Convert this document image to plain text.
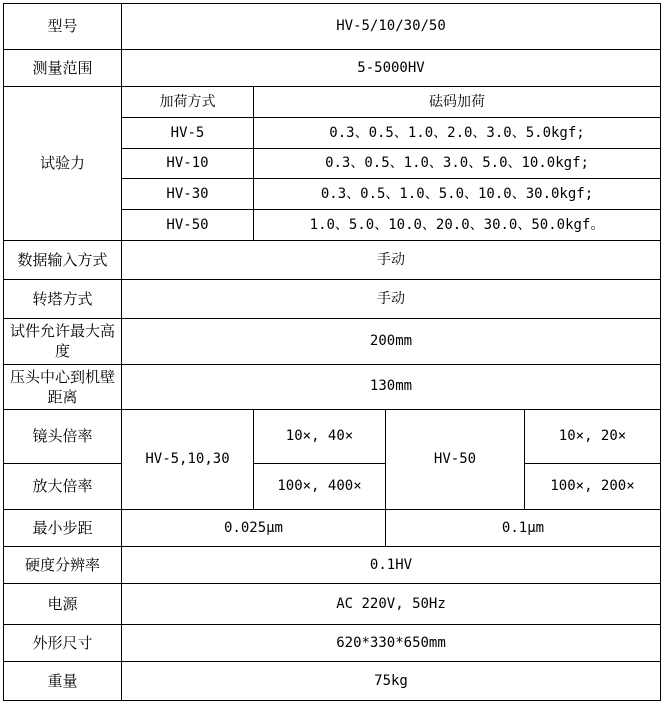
型号	HV-5/10/30/50			
测量范围	5-5000HV			
试验力	加荷方式	砝码加荷		
	HV-5	0.3、0.5、1.0、2.0、3.0、5.0kgf;		
	HV-10	0.3、0.5、1.0、3.0、5.0、10.0kgf;		
	HV-30	0.3、0.5、1.0、5.0、10.0、30.0kgf;		
	HV-50	1.0、5.0、10.0、20.0、30.0、50.0kgf。		
数据输入方式	手动			
转塔方式	手动			
试件允许最大高度	200mm			
压头中心到机壁距离	130mm			
镜头倍率	HV-5,10,30	10×, 40×	HV-50	10×, 20×
放大倍率		100×, 400×		100×, 200×
最小步距	0.025μm		0.1μm	
硬度分辨率	0.1HV			
电源	AC 220V, 50Hz			
外形尺寸	620*330*650mm			
重量	75kg			
